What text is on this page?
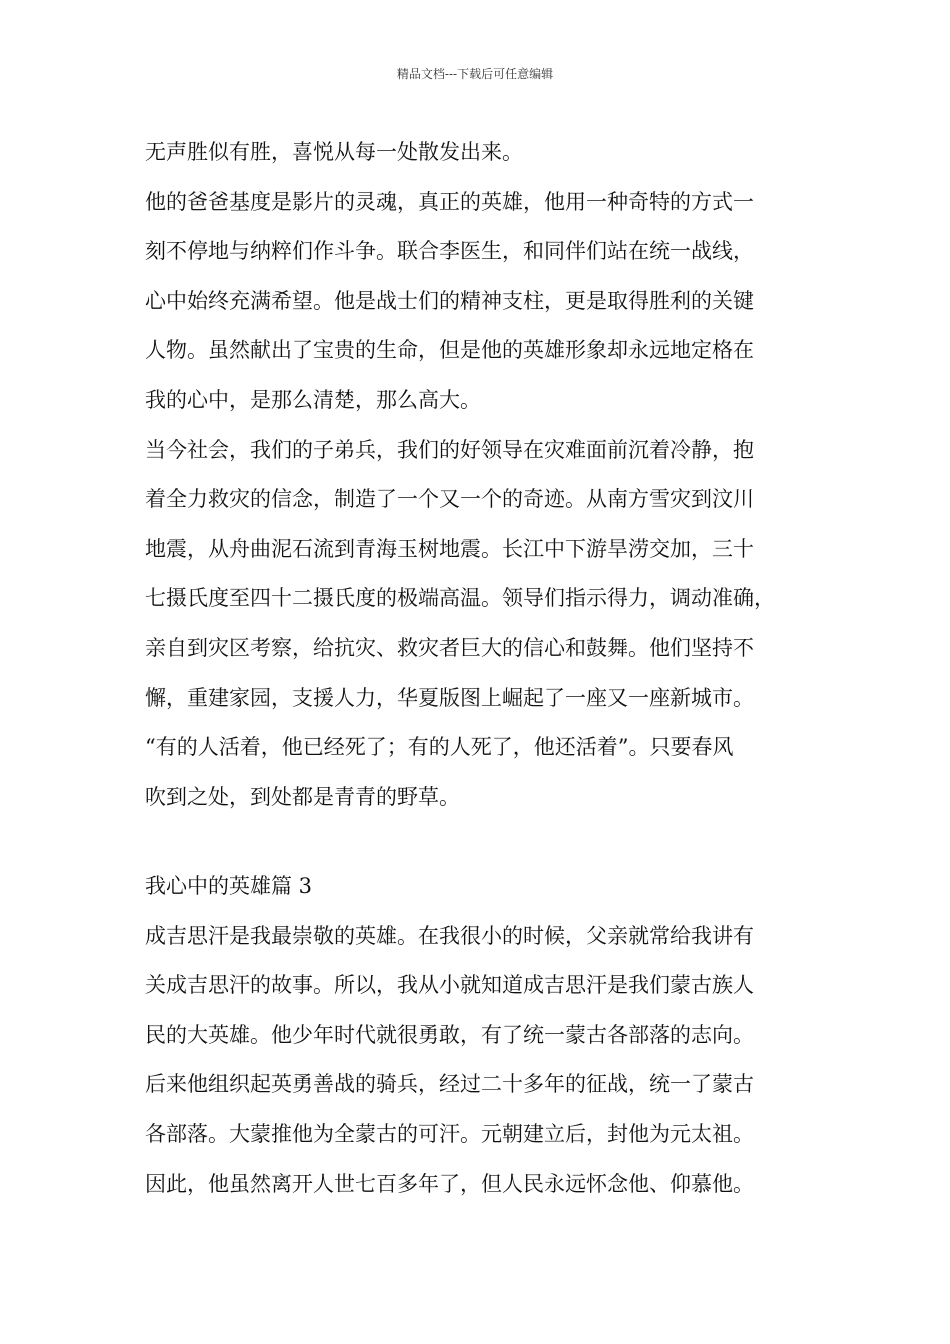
精品文档---下载后可任意编辑
无声胜似有胜，喜悦从每一处散发出来。
他的爸爸基度是影片的灵魂，真正的英雄，他用一种奇特的方式一
刻不停地与纳粹们作斗争。联合李医生，和同伴们站在统一战线，
心中始终充满希望。他是战士们的精神支柱，更是取得胜利的关键
人物。虽然献出了宝贵的生命，但是他的英雄形象却永远地定格在
我的心中，是那么清楚，那么高大。
当今社会，我们的子弟兵，我们的好领导在灾难面前沉着冷静，抱
着全力救灾的信念，制造了一个又一个的奇迹。从南方雪灾到汶川
地震，从舟曲泥石流到青海玉树地震。长江中下游旱涝交加，三十
七摄氏度至四十二摄氏度的极端高温。领导们指示得力，调动准确，
亲自到灾区考察，给抗灾、救灾者巨大的信心和鼓舞。他们坚持不
懈，重建家园，支援人力，华夏版图上崛起了一座又一座新城市。
“有的人活着，他已经死了；有的人死了，他还活着”。只要春风
吹到之处，到处都是青青的野草。
我心中的英雄篇 3
成吉思汗是我最崇敬的英雄。在我很小的时候，父亲就常给我讲有
关成吉思汗的故事。所以，我从小就知道成吉思汗是我们蒙古族人
民的大英雄。他少年时代就很勇敢，有了统一蒙古各部落的志向。
后来他组织起英勇善战的骑兵，经过二十多年的征战，统一了蒙古
各部落。大蒙推他为全蒙古的可汗。元朝建立后，封他为元太祖。
因此，他虽然离开人世七百多年了，但人民永远怀念他、仰慕他。
